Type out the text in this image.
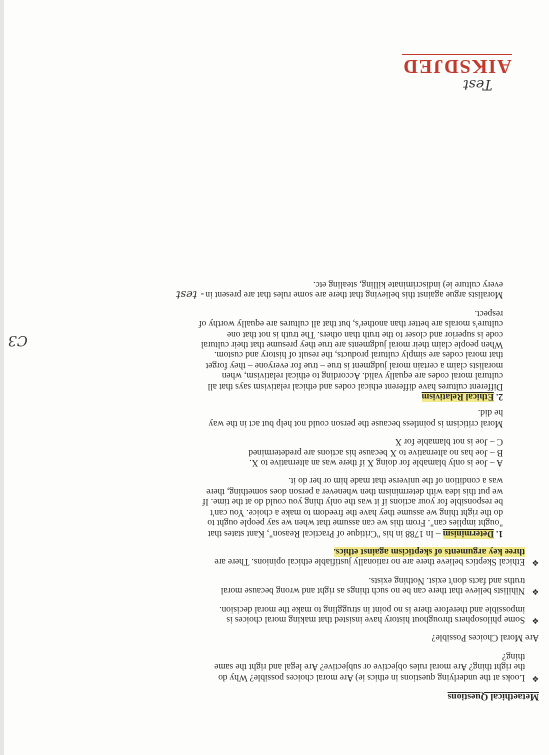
Metaethical Questions

❖
Looks at the underlying questions in ethics ie) Are moral choices possible? Why do
the right thing? Are moral rules objective or subjective? Are legal and right the same
thing?

Are Moral Choices Possible?

❖
Some philosophers throughout history have insisted that making moral choices is
impossible and therefore there is no point in struggling to make the moral decision.
❖
Nihilists believe that there can be no such things as right and wrong because moral
truths and facts don't exist. Nothing exists.
❖
Ethical Skeptics believe there are no rationally justifiable ethical opinions. There are
three key arguments of skepticism against ethics.
1. Determinism – In 1788 in his "Critique of Practical Reason", Kant states that
"ought implies can". From this we can assume that when we say people ought to
do the right thing we assume they have the freedom to make a choice. You can't
be responsible for your actions if it was the only thing you could do at the time. If
we put this idea with determinism then whenever a person does something, there
was a condition of the universe that made him or her do it.
A – Joe is only blamable for doing X if there was an alternative to X.
B – Joe has no alternative to X because his actions are predetermined
C – Joe is not blamable for X
Moral criticism is pointless because the person could not help but act in the way
he did.
2. Ethical Relativism
Different cultures have different ethical codes and ethical relativism says that all
cultural moral codes are equally valid. According to ethical relativism, when
moralists claim a certain moral judgment is true – true for everyone – they forget
that moral codes are simply cultural products, the result of history and custom.
When people claim their moral judgments are true they presume that their cultural
code is superior and closer to the truth than others. The truth is not that one
culture's morals are better than another's, but that all cultures are equally worthy of
respect.
Moralists argue against this believing that there are some rules that are present in
every culture ie) indiscriminate killing, stealing etc.
AIKSDJED
Test
- test
C3
